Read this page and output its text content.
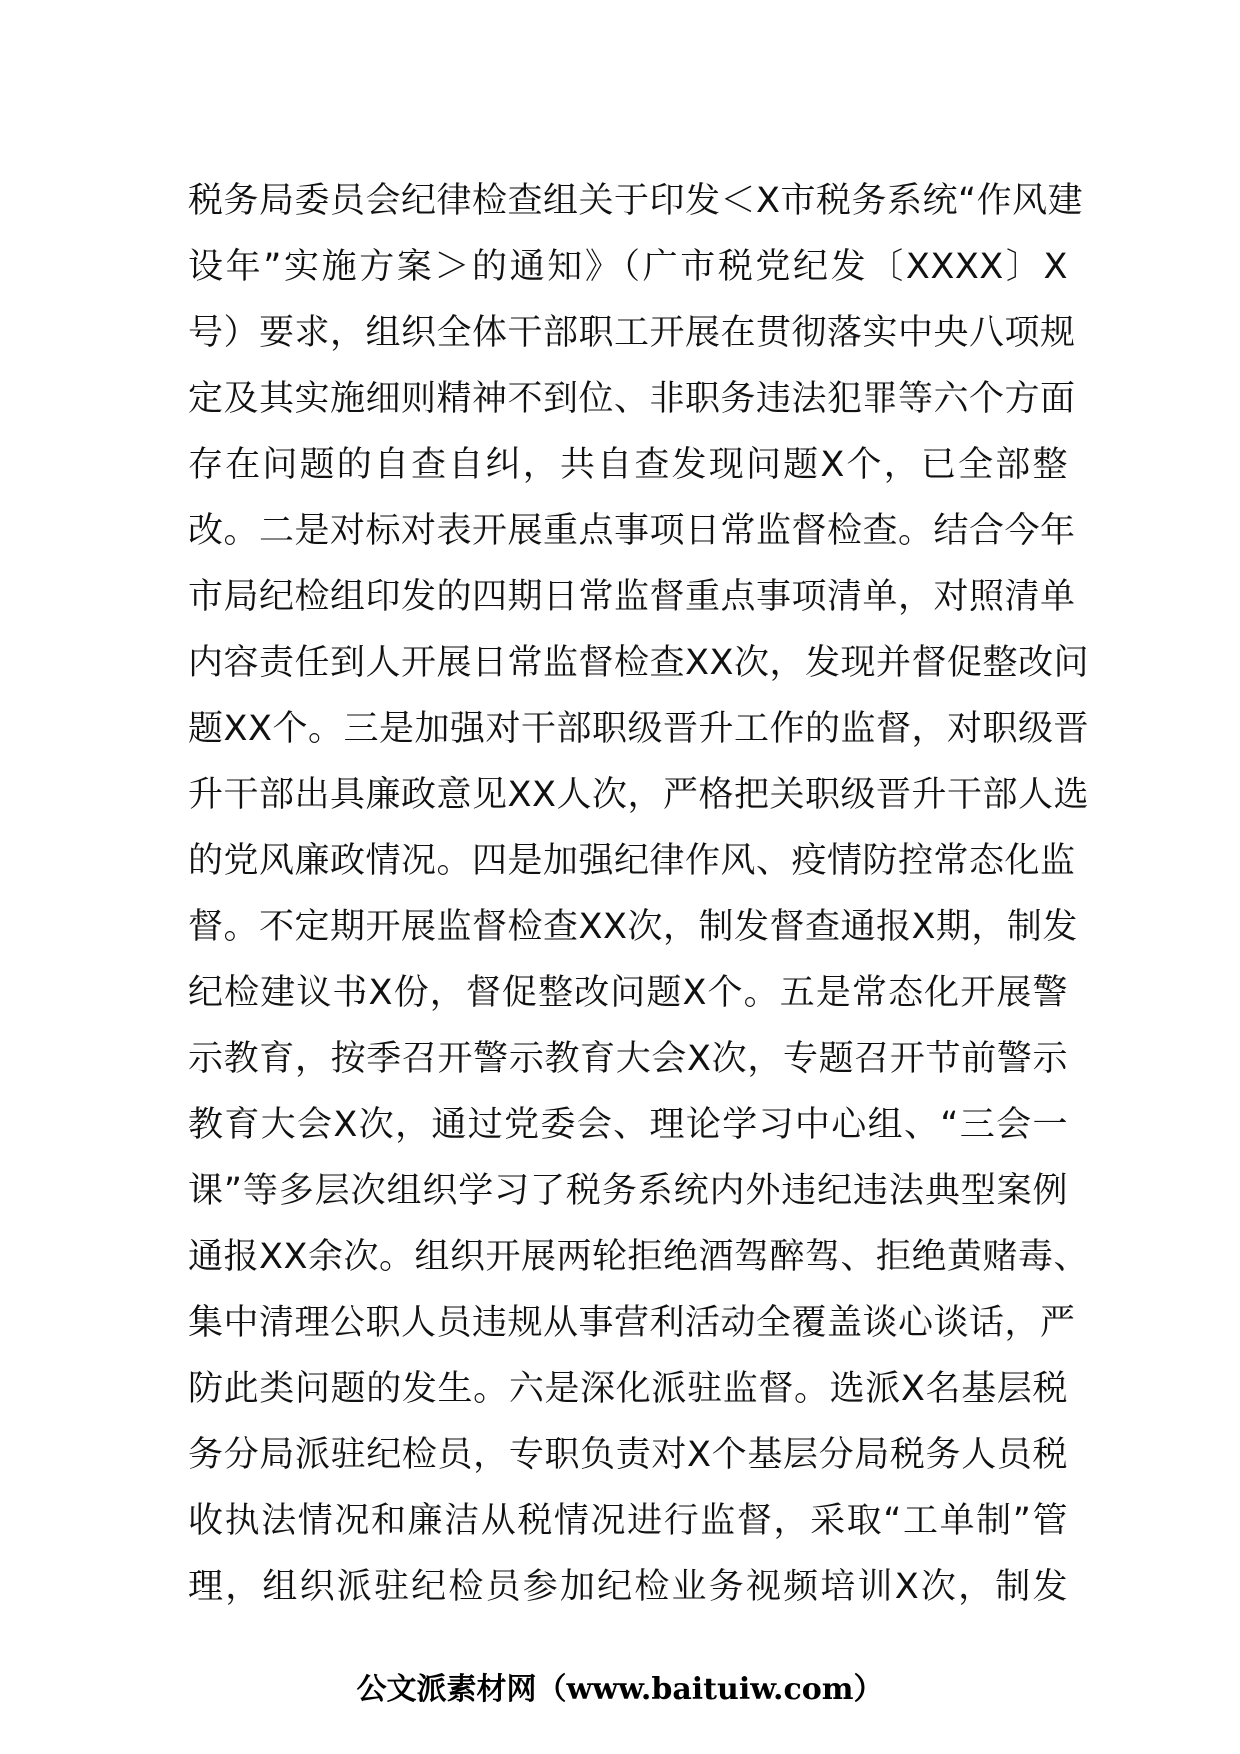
税务局委员会纪律检查组关于印发＜X市税务系统“作风建
设年”实施方案＞的通知》（广市税党纪发〔XXXX〕X
号）要求，组织全体干部职工开展在贯彻落实中央八项规
定及其实施细则精神不到位、非职务违法犯罪等六个方面
存在问题的自查自纠，共自查发现问题X个，已全部整
改。二是对标对表开展重点事项日常监督检查。结合今年
市局纪检组印发的四期日常监督重点事项清单，对照清单
内容责任到人开展日常监督检查XX次，发现并督促整改问
题XX个。三是加强对干部职级晋升工作的监督，对职级晋
升干部出具廉政意见XX人次，严格把关职级晋升干部人选
的党风廉政情况。四是加强纪律作风、疫情防控常态化监
督。不定期开展监督检查XX次，制发督查通报X期，制发
纪检建议书X份，督促整改问题X个。五是常态化开展警
示教育，按季召开警示教育大会X次，专题召开节前警示
教育大会X次，通过党委会、理论学习中心组、“三会一
课”等多层次组织学习了税务系统内外违纪违法典型案例
通报XX余次。组织开展两轮拒绝酒驾醉驾、拒绝黄赌毒、
集中清理公职人员违规从事营利活动全覆盖谈心谈话，严
防此类问题的发生。六是深化派驻监督。选派X名基层税
务分局派驻纪检员，专职负责对X个基层分局税务人员税
收执法情况和廉洁从税情况进行监督，采取“工单制”管
理，组织派驻纪检员参加纪检业务视频培训X次，制发
公文派素材网（www.baituiw.com）
